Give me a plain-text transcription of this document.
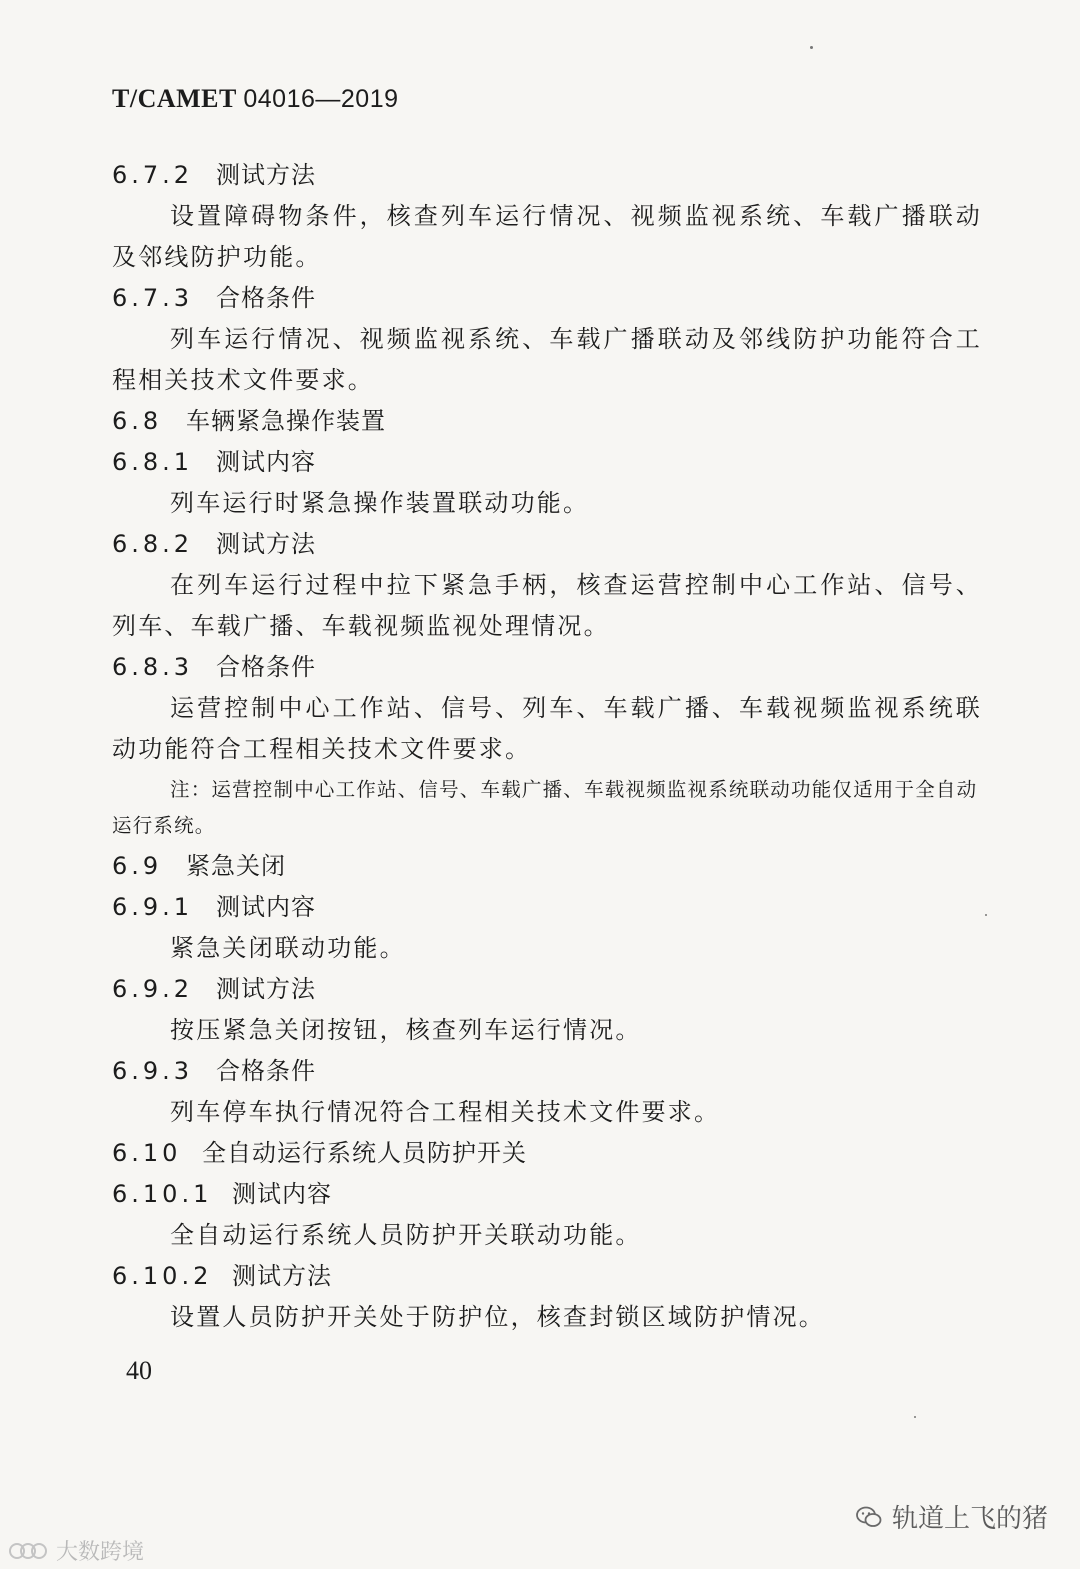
T/CAMET 04016—2019
6.7.2 测试方法
设置障碍物条件，核查列车运行情况、视频监视系统、车载广播联动及邻线防护功能。
6.7.3 合格条件
列车运行情况、视频监视系统、车载广播联动及邻线防护功能符合工程相关技术文件要求。
6.8 车辆紧急操作装置
6.8.1 测试内容
列车运行时紧急操作装置联动功能。
6.8.2 测试方法
在列车运行过程中拉下紧急手柄，核查运营控制中心工作站、信号、列车、车载广播、车载视频监视处理情况。
6.8.3 合格条件
运营控制中心工作站、信号、列车、车载广播、车载视频监视系统联动功能符合工程相关技术文件要求。
注：运营控制中心工作站、信号、车载广播、车载视频监视系统联动功能仅适用于全自动运行系统。
6.9 紧急关闭
6.9.1 测试内容
紧急关闭联动功能。
6.9.2 测试方法
按压紧急关闭按钮，核查列车运行情况。
6.9.3 合格条件
列车停车执行情况符合工程相关技术文件要求。
6.10 全自动运行系统人员防护开关
6.10.1 测试内容
全自动运行系统人员防护开关联动功能。
6.10.2 测试方法
设置人员防护开关处于防护位，核查封锁区域防护情况。
40
轨道上飞的猪
大数跨境
